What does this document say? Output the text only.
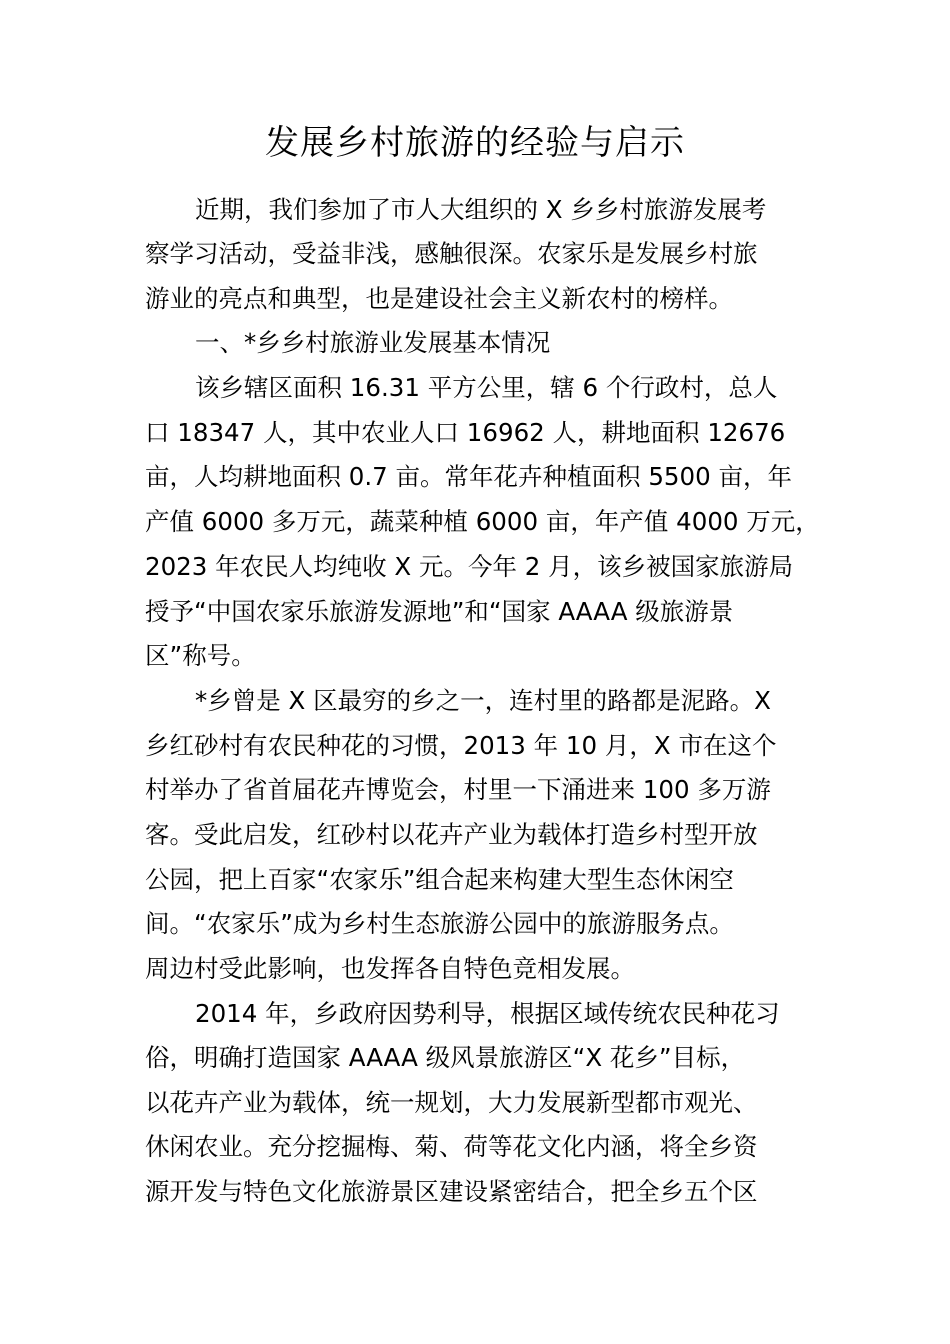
发展乡村旅游的经验与启示
近期，我们参加了市人大组织的 X 乡乡村旅游发展考
察学习活动，受益非浅，感触很深。农家乐是发展乡村旅
游业的亮点和典型，也是建设社会主义新农村的榜样。
一、*乡乡村旅游业发展基本情况
该乡辖区面积 16.31 平方公里，辖 6 个行政村，总人
口 18347 人，其中农业人口 16962 人，耕地面积 12676
亩，人均耕地面积 0.7 亩。常年花卉种植面积 5500 亩，年
产值 6000 多万元，蔬菜种植 6000 亩，年产值 4000 万元，
2023 年农民人均纯收 X 元。今年 2 月，该乡被国家旅游局
授予“中国农家乐旅游发源地”和“国家 AAAA 级旅游景
区”称号。
*乡曾是 X 区最穷的乡之一，连村里的路都是泥路。X
乡红砂村有农民种花的习惯，2013 年 10 月，X 市在这个
村举办了省首届花卉博览会，村里一下涌进来 100 多万游
客。受此启发，红砂村以花卉产业为载体打造乡村型开放
公园，把上百家“农家乐”组合起来构建大型生态休闲空
间。“农家乐”成为乡村生态旅游公园中的旅游服务点。
周边村受此影响，也发挥各自特色竞相发展。
2014 年，乡政府因势利导，根据区域传统农民种花习
俗，明确打造国家 AAAA 级风景旅游区“X 花乡”目标，
以花卉产业为载体，统一规划，大力发展新型都市观光、
休闲农业。充分挖掘梅、菊、荷等花文化内涵，将全乡资
源开发与特色文化旅游景区建设紧密结合，把全乡五个区
